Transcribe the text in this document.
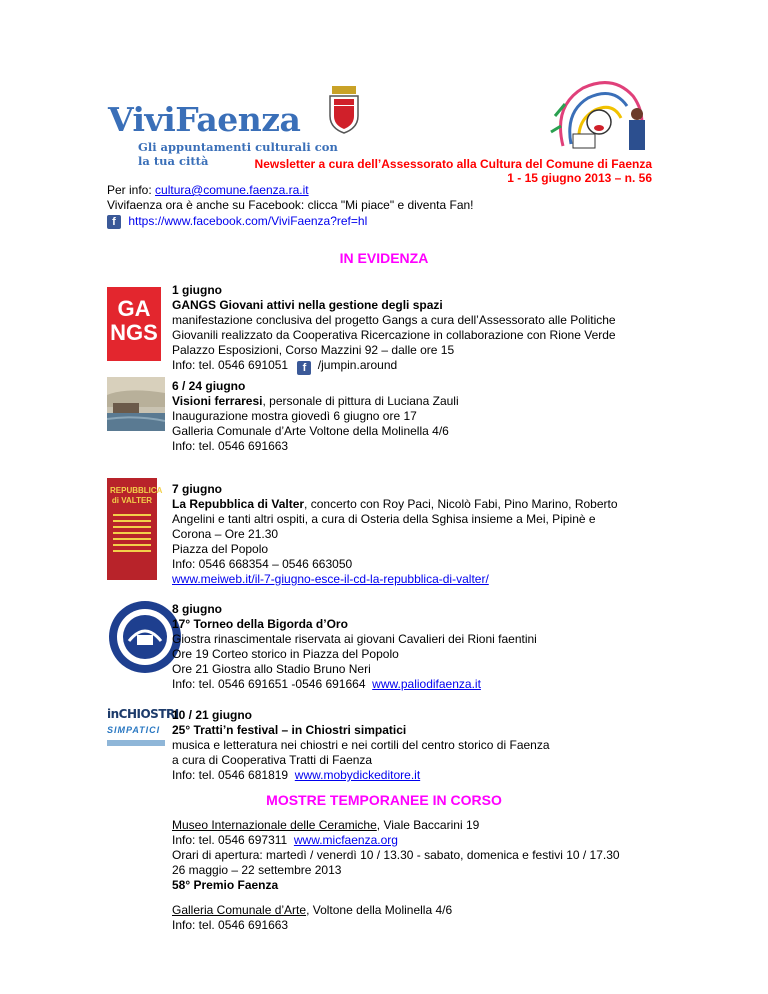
ViviFaenza
Gli appuntamenti culturali con la tua città	Newsletter a cura dell’Assessorato alla Cultura del Comune di Faenza
1 - 15 giugno 2013 – n. 56
Per info: cultura@comune.faenza.ra.it
Vivifaenza ora è anche su Facebook: clicca "Mi piace" e diventa Fan!
f https://www.facebook.com/ViviFaenza?ref=hl
IN EVIDENZA
GA
NGS
1 giugno
GANGS Giovani attivi nella gestione degli spazi
manifestazione conclusiva del progetto Gangs a cura dell’Assessorato alle Politiche
Giovanili realizzato da Cooperativa Ricercazione in collaborazione con Rione Verde
Palazzo Esposizioni, Corso Mazzini 92 – dalle ore 15
Info: tel. 0546 691051 f /jumpin.around
6 / 24 giugno
Visioni ferraresi, personale di pittura di Luciana Zauli
Inaugurazione mostra giovedì 6 giugno ore 17
Galleria Comunale d’Arte Voltone della Molinella 4/6
Info: tel. 0546 691663
REPUBBLICA di VALTER
7 giugno
La Repubblica di Valter, concerto con Roy Paci, Nicolò Fabi, Pino Marino, Roberto
Angelini e tanti altri ospiti, a cura di Osteria della Sghisa insieme a Mei, Pipinè e
Corona – Ore 21.30
Piazza del Popolo
Info: 0546 668354 – 0546 663050
www.meiweb.it/il-7-giugno-esce-il-cd-la-repubblica-di-valter/
8 giugno
17° Torneo della Bigorda d’Oro
Giostra rinascimentale riservata ai giovani Cavalieri dei Rioni faentini
Ore 19 Corteo storico in Piazza del Popolo
Ore 21 Giostra allo Stadio Bruno Neri
Info: tel. 0546 691651 -0546 691664 www.paliodifaenza.it
inCHIOSTRI
SIMPATICI
10 / 21 giugno
25° Tratti’n festival – in Chiostri simpatici
musica e letteratura nei chiostri e nei cortili del centro storico di Faenza
a cura di Cooperativa Tratti di Faenza
Info: tel. 0546 681819 www.mobydickeditore.it
MOSTRE TEMPORANEE IN CORSO
Museo Internazionale delle Ceramiche, Viale Baccarini 19
Info: tel. 0546 697311 www.micfaenza.org
Orari di apertura: martedì / venerdì 10 / 13.30 - sabato, domenica e festivi 10 / 17.30
26 maggio – 22 settembre 2013
58° Premio Faenza
Galleria Comunale d’Arte, Voltone della Molinella 4/6
Info: tel. 0546 691663
